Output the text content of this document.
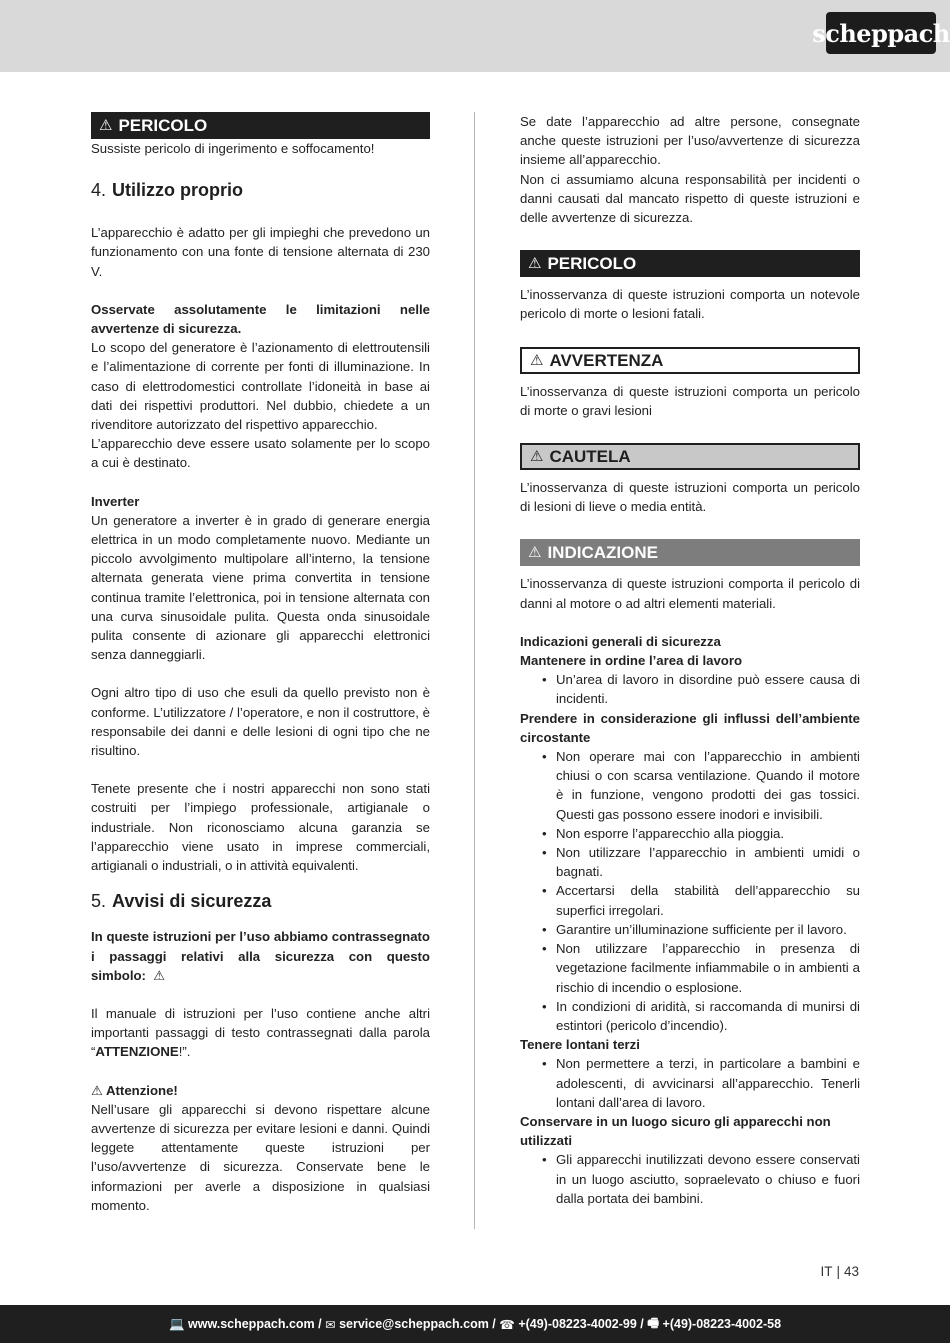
scheppach
⚠ PERICOLO

Sussiste pericolo di ingerimento e soffocamento!

4. Utilizzo proprio

L’apparecchio è adatto per gli impieghi che prevedono un funzionamento con una fonte di tensione alternata di 230 V.

Osservate assolutamente le limitazioni nelle avvertenze di sicurezza.

Lo scopo del generatore è l’azionamento di elettroutensili e l’alimentazione di corrente per fonti di illuminazione. In caso di elettrodomestici controllate l’idoneità in base ai dati dei rispettivi produttori. Nel dubbio, chiedete a un rivenditore autorizzato del rispettivo apparecchio.

L’apparecchio deve essere usato solamente per lo scopo a cui è destinato.

Inverter

Un generatore a inverter è in grado di generare energia elettrica in un modo completamente nuovo. Mediante un piccolo avvolgimento multipolare all’interno, la tensione alternata generata viene prima convertita in tensione continua tramite l’elettronica, poi in tensione alternata con una curva sinusoidale pulita. Questa onda sinusoidale pulita consente di azionare gli apparecchi elettronici senza danneggiarli.

Ogni altro tipo di uso che esuli da quello previsto non è conforme. L’utilizzatore / l’operatore, e non il costruttore, è responsabile dei danni e delle lesioni di ogni tipo che ne risultino.

Tenete presente che i nostri apparecchi non sono stati costruiti per l’impiego professionale, artigianale o industriale. Non riconosciamo alcuna garanzia se l’apparecchio viene usato in imprese commerciali, artigianali o industriali, o in attività equivalenti.

5. Avvisi di sicurezza

In queste istruzioni per l’uso abbiamo contrassegnato i passaggi relativi alla sicurezza con questo simbolo: ⚠

Il manuale di istruzioni per l’uso contiene anche altri importanti passaggi di testo contrassegnati dalla parola “ATTENZIONE!”.

⚠ Attenzione!

Nell’usare gli apparecchi si devono rispettare alcune avvertenze di sicurezza per evitare lesioni e danni. Quindi leggete attentamente queste istruzioni per l’uso/avvertenze di sicurezza. Conservate bene le informazioni per averle a disposizione in qualsiasi momento.

Se date l’apparecchio ad altre persone, consegnate anche queste istruzioni per l’uso/avvertenze di sicurezza insieme all’apparecchio.

Non ci assumiamo alcuna responsabilità per incidenti o danni causati dal mancato rispetto di queste istruzioni e delle avvertenze di sicurezza.

⚠ PERICOLO

L’inosservanza di queste istruzioni comporta un notevole pericolo di morte o lesioni fatali.

⚠ AVVERTENZA

L’inosservanza di queste istruzioni comporta un pericolo di morte o gravi lesioni

⚠ CAUTELA

L’inosservanza di queste istruzioni comporta un pericolo di lesioni di lieve o media entità.

⚠ INDICAZIONE

L’inosservanza di queste istruzioni comporta il pericolo di danni al motore o ad altri elementi materiali.

Indicazioni generali di sicurezza

Mantenere in ordine l’area di lavoro

• Un’area di lavoro in disordine può essere causa di incidenti.

Prendere in considerazione gli influssi dell’ambiente circostante

• Non operare mai con l’apparecchio in ambienti chiusi o con scarsa ventilazione. Quando il motore è in funzione, vengono prodotti dei gas tossici. Questi gas possono essere inodori e invisibili.
• Non esporre l’apparecchio alla pioggia.
• Non utilizzare l’apparecchio in ambienti umidi o bagnati.
• Accertarsi della stabilità dell’apparecchio su superfici irregolari.
• Garantire un’illuminazione sufficiente per il lavoro.
• Non utilizzare l’apparecchio in presenza di vegetazione facilmente infiammabile o in ambienti a rischio di incendio o esplosione.
• In condizioni di aridità, si raccomanda di munirsi di estintori (pericolo d’incendio).

Tenere lontani terzi

• Non permettere a terzi, in particolare a bambini e adolescenti, di avvicinarsi all’apparecchio. Tenerli lontani dall’area di lavoro.

Conservare in un luogo sicuro gli apparecchi non utilizzati

• Gli apparecchi inutilizzati devono essere conservati in un luogo asciutto, sopraelevato o chiuso e fuori dalla portata dei bambini.
IT | 43
💻
www.scheppach.com / ✉
service@scheppach.com / ☎
+(49)-08223-4002-99 / 🖷
+(49)-08223-4002-58
